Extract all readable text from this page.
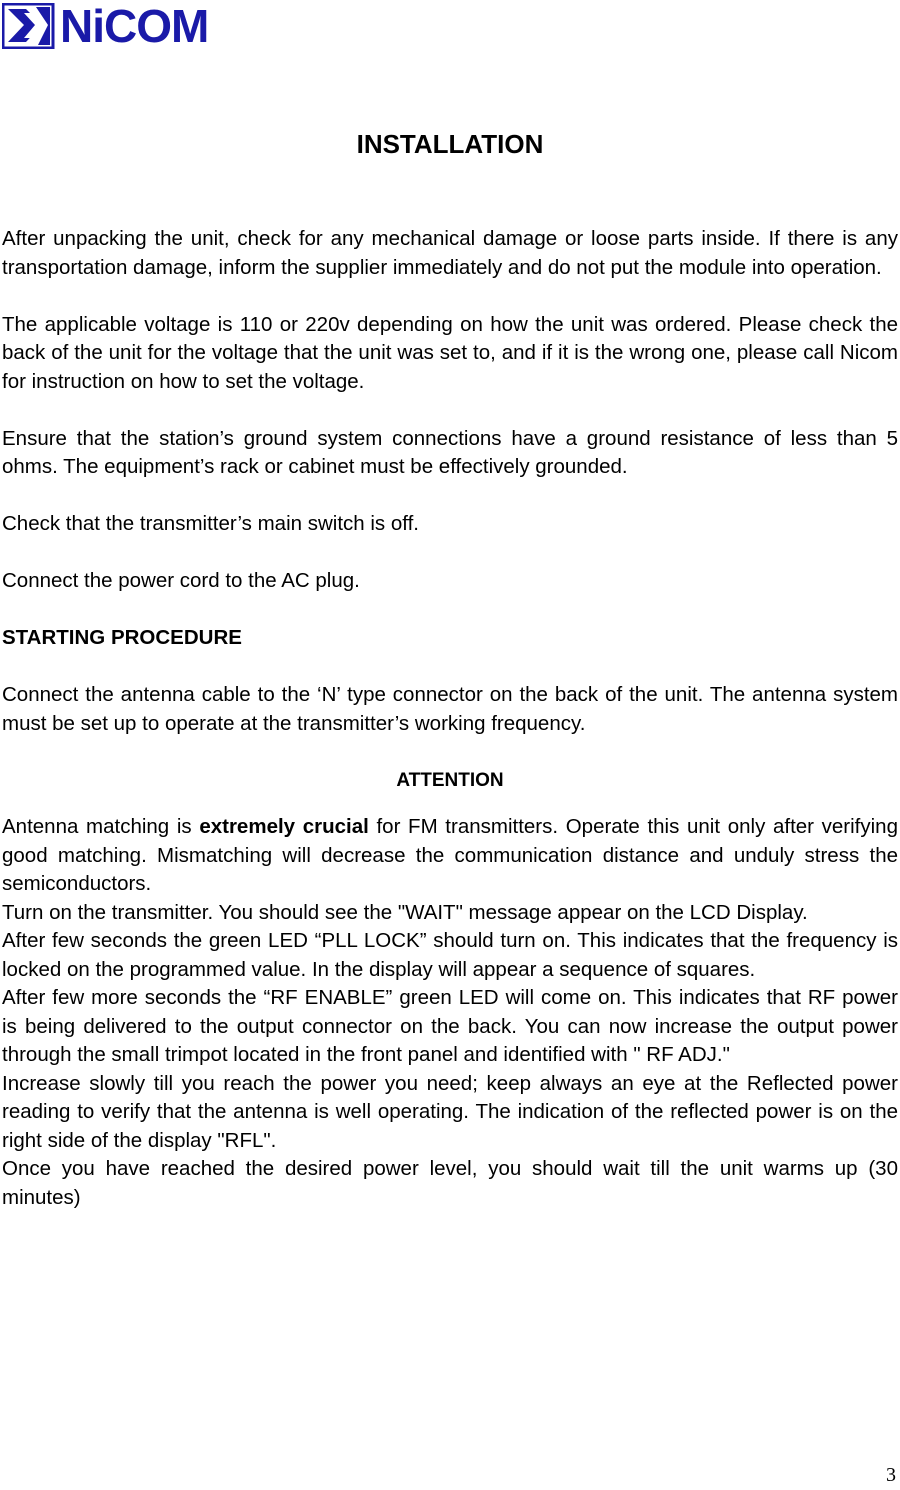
NiCOM
INSTALLATION

After unpacking the unit, check for any mechanical damage or loose parts inside. If there is any transportation damage, inform the supplier immediately and do not put the module into operation.

The applicable voltage is 110 or 220v depending on how the unit was ordered. Please check the back of the unit for the voltage that the unit was set to, and if it is the wrong one, please call Nicom for instruction on how to set the voltage.

Ensure that the station’s ground system connections have a ground resistance of less than 5 ohms. The equipment’s rack or cabinet must be effectively grounded.

Check that the transmitter’s main switch is off.

Connect the power cord to the AC plug.

STARTING PROCEDURE

Connect the antenna cable to the ‘N’ type connector on the back of the unit. The antenna system must be set up to operate at the transmitter’s working frequency.

ATTENTION

Antenna matching is extremely crucial for FM transmitters. Operate this unit only after verifying good matching. Mismatching will decrease the communication distance and unduly stress the semiconductors.

Turn on the transmitter. You should see the "WAIT" message appear on the LCD Display.

After few seconds the green LED “PLL LOCK” should turn on. This indicates that the frequency is locked on the programmed value. In the display will appear a sequence of squares.

After few more seconds the “RF ENABLE” green LED will come on. This indicates that RF power is being delivered to the output connector on the back. You can now increase the output power through the small trimpot located in the front panel and identified with " RF ADJ."

Increase slowly till you reach the power you need; keep always an eye at the Reflected power reading to verify that the antenna is well operating. The indication of the reflected power is on the right side of the display "RFL".

Once you have reached the desired power level, you should wait till the unit warms up (30 minutes)

3
